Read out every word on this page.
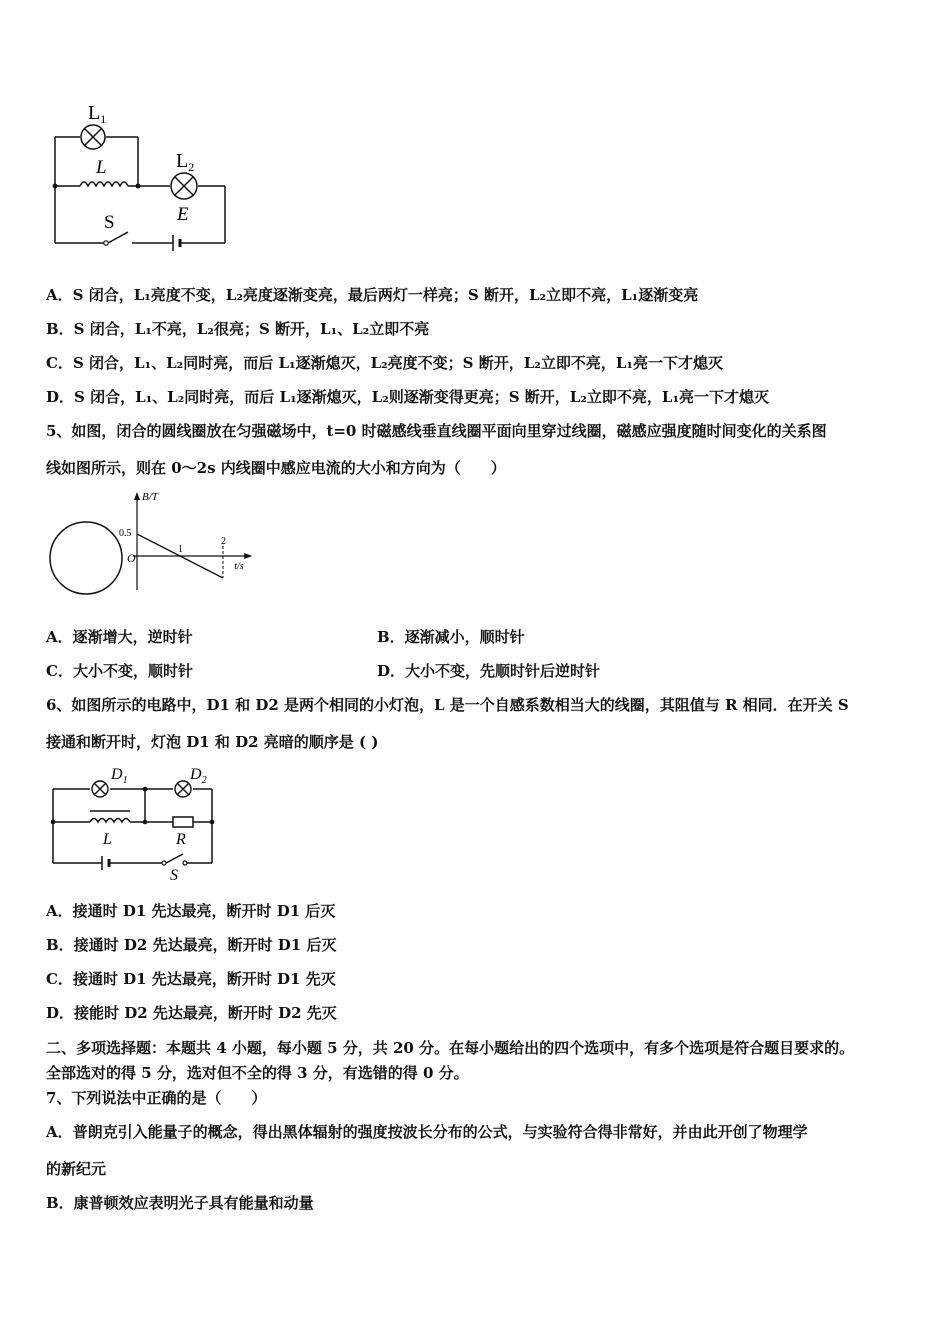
$L_1$
L	$L_2$
E
S
A．S 闭合，L₁亮度不变，L₂亮度逐渐变亮，最后两灯一样亮；S 断开，L₂立即不亮，L₁逐渐变亮
B．S 闭合，L₁不亮，L₂很亮；S 断开，L₁、L₂立即不亮
C．S 闭合，L₁、L₂同时亮，而后 L₁逐渐熄灭，L₂亮度不变；S 断开，L₂立即不亮，L₁亮一下才熄灭
D．S 闭合，L₁、L₂同时亮，而后 L₁逐渐熄灭，L₂则逐渐变得更亮；S 断开，L₂立即不亮，L₁亮一下才熄灭
5、如图，闭合的圆线圈放在匀强磁场中，t=0 时磁感线垂直线圈平面向里穿过线圈，磁感应强度随时间变化的关系图
线如图所示，则在 0～2s 内线圈中感应电流的大小和方向为（　　）
B/T
t/s
O
0.5
1
2
A．逐渐增大，逆时针	B．逐渐减小，顺时针
C．大小不变，顺时针	D．大小不变，先顺时针后逆时针
6、如图所示的电路中，D1 和 D2 是两个相同的小灯泡，L 是一个自感系数相当大的线圈，其阻值与 R 相同．在开关 S
接通和断开时，灯泡 D1 和 D2 亮暗的顺序是 ( )
$D_1$	$D_2$
L	R
S
A．接通时 D1 先达最亮，断开时 D1 后灭
B．接通时 D2 先达最亮，断开时 D1 后灭
C．接通时 D1 先达最亮，断开时 D1 先灭
D．接能时 D2 先达最亮，断开时 D2 先灭
二、多项选择题：本题共 4 小题，每小题 5 分，共 20 分。在每小题给出的四个选项中，有多个选项是符合题目要求的。
全部选对的得 5 分，选对但不全的得 3 分，有选错的得 0 分。
7、下列说法中正确的是（　　）
A．普朗克引入能量子的概念，得出黑体辐射的强度按波长分布的公式，与实验符合得非常好，并由此开创了物理学
的新纪元
B．康普顿效应表明光子具有能量和动量
